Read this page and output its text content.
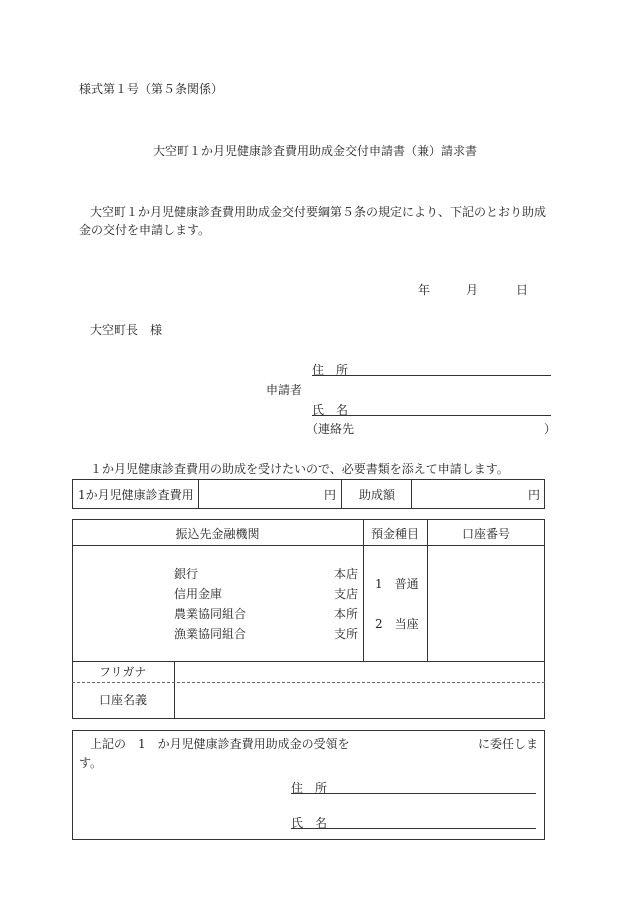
様式第１号（第５条関係）
大空町１か月児健康診査費用助成金交付申請書（兼）請求書
大空町１か月児健康診査費用助成金交付要綱第５条の規定により、下記のとおり助成
金の交付を申請します。
年	月	日
大空町長　様
住　所
申請者
氏　名
（連絡先	）
１か月児健康診査費用の助成を受けたいので、必要書類を添えて申請します。
1か月児健康診査費用	円	助成額	円
振込先金融機関	預金種目	口座番号
銀行	本店
信用金庫	支店
農業協同組合	本所
漁業協同組合	支所
1　普通
2　当座
フリガナ
口座名義
上記の　1　か月児健康診査費用助成金の受領を	に委任しま
す。
住　所
氏　名
